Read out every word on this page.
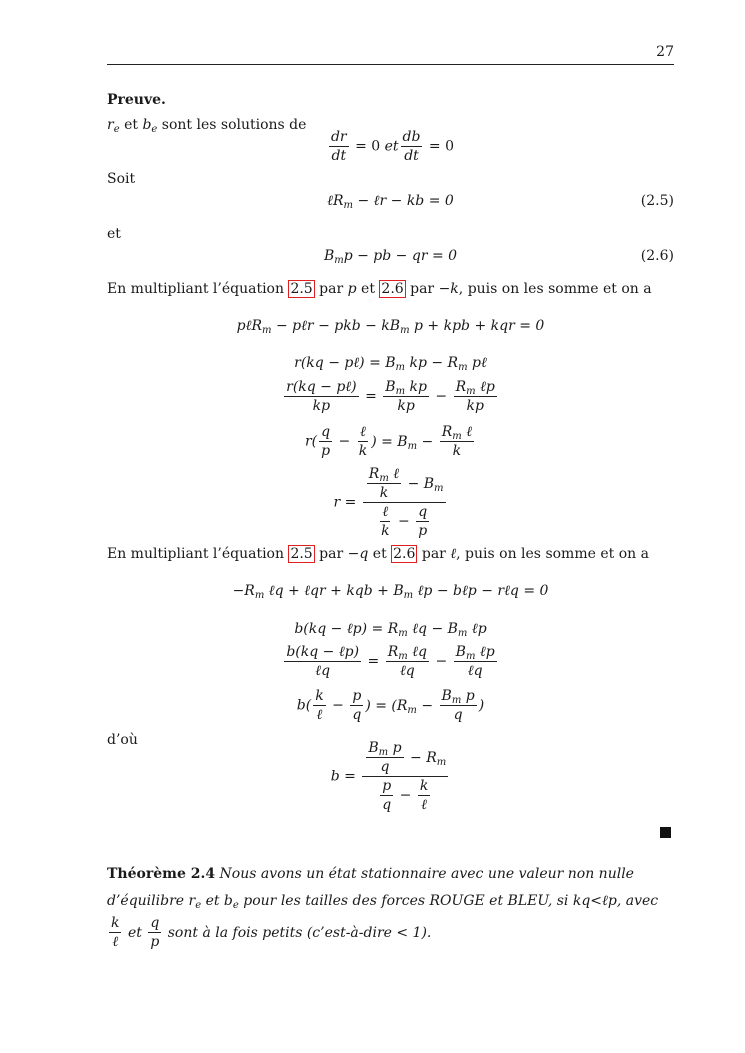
27
Preuve.
$r_e$ et $b_e$ sont les solutions de
$\frac{dr}{dt} = 0$ et $\frac{db}{dt} = 0$
Soit
ℓR$_m$ − ℓr − kb = 0	(2.5)
et
$B_mp$ − pb − qr = 0	(2.6)
En multipliant l’équation 2.5 par p et 2.6 par −k, puis on les somme et on a
pℓR$_m$ − pℓr − pkb − $kB_m$ p + kpb + kqr = 0
r(kq − pℓ) = $B_m$ kp − $R_m$ pℓ
$\frac{\text{r(kq − pℓ)}}{kp} = \frac{B_m kp}{kp} - \frac{R_m \ell p}{kp}$
$r( \frac{q}{p} - \frac{\text{ℓ}}{k}$ ) = $B_m - \frac{R_m \ell}{k}$
$r = \frac{\frac{R_m \ell}{k} - B_m}{\frac{\text{ℓ}}{k} - \frac{q}{p}}$
En multipliant l’équation 2.5 par −q et 2.6 par ℓ, puis on les somme et on a
$-R_m$ ℓq + ℓqr + kqb + $B_m$ ℓp − bℓp − rℓq = 0
b(kq − ℓp) = $R_m$ ℓq − $B_m$ ℓp
$\frac{\text{b(kq − ℓp)}}{\text{ℓq}} = \frac{R_m \ell q}{\text{ℓq}} - \frac{B_m \ell p}{\text{ℓq}}$
$b( \frac{k}{\text{ℓ}} - \frac{p}{q}$ ) = ($R_m - \frac{B_m p}{q}$ )
d’où
$b = \frac{\frac{B_m p}{q} - R_m}{\frac{p}{q} - \frac{k}{\text{ℓ}}}$
Théorème 2.4 Nous avons un état stationnaire avec une valeur non nulle d’équilibre $r_e$ et $b_e$ pour les tailles des forces ROUGE et BLEU, si kq<ℓp, avec
$\frac{k}{\text{ℓ}}$ et $\frac{q}{p}$ sont à la fois petits (c’est-à-dire < 1).
